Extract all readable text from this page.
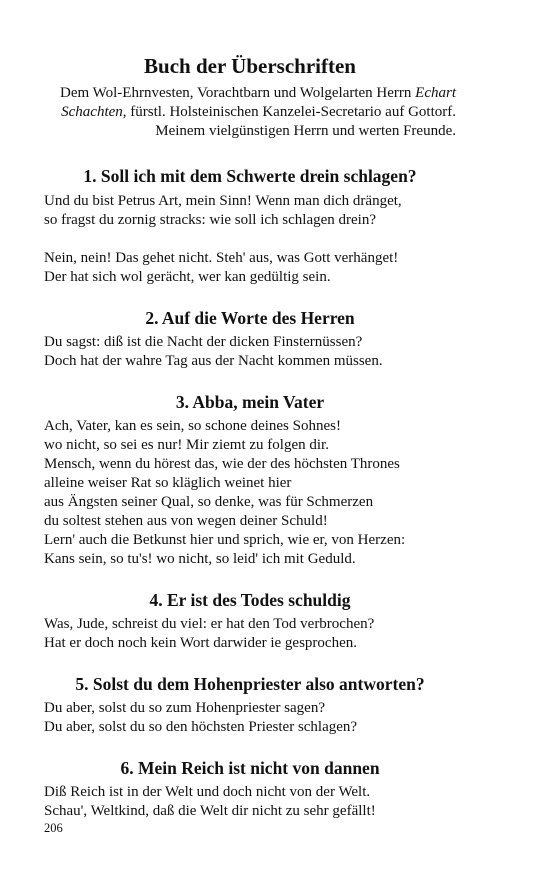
Buch der Überschriften
Dem Wol-Ehrnvesten, Vorachtbarn und Wolgelarten Herrn Echart
Schachten, fürstl. Holsteinischen Kanzelei-Secretario auf Gottorf.
Meinem vielgünstigen Herrn und werten Freunde.
1. Soll ich mit dem Schwerte drein schlagen?
Und du bist Petrus Art, mein Sinn! Wenn man dich dränget,
so fragst du zornig stracks: wie soll ich schlagen drein?
Nein, nein! Das gehet nicht. Steh' aus, was Gott verhänget!
Der hat sich wol gerächt, wer kan gedültig sein.
2. Auf die Worte des Herren
Du sagst: diß ist die Nacht der dicken Finsternüssen?
Doch hat der wahre Tag aus der Nacht kommen müssen.
3. Abba, mein Vater
Ach, Vater, kan es sein, so schone deines Sohnes!
wo nicht, so sei es nur! Mir ziemt zu folgen dir.
Mensch, wenn du hörest das, wie der des höchsten Thrones
alleine weiser Rat so kläglich weinet hier
aus Ängsten seiner Qual, so denke, was für Schmerzen
du soltest stehen aus von wegen deiner Schuld!
Lern' auch die Betkunst hier und sprich, wie er, von Herzen:
Kans sein, so tu's! wo nicht, so leid' ich mit Geduld.
4. Er ist des Todes schuldig
Was, Jude, schreist du viel: er hat den Tod verbrochen?
Hat er doch noch kein Wort darwider ie gesprochen.
5. Solst du dem Hohenpriester also antworten?
Du aber, solst du so zum Hohenpriester sagen?
Du aber, solst du so den höchsten Priester schlagen?
6. Mein Reich ist nicht von dannen
Diß Reich ist in der Welt und doch nicht von der Welt.
Schau', Weltkind, daß die Welt dir nicht zu sehr gefällt!
206
